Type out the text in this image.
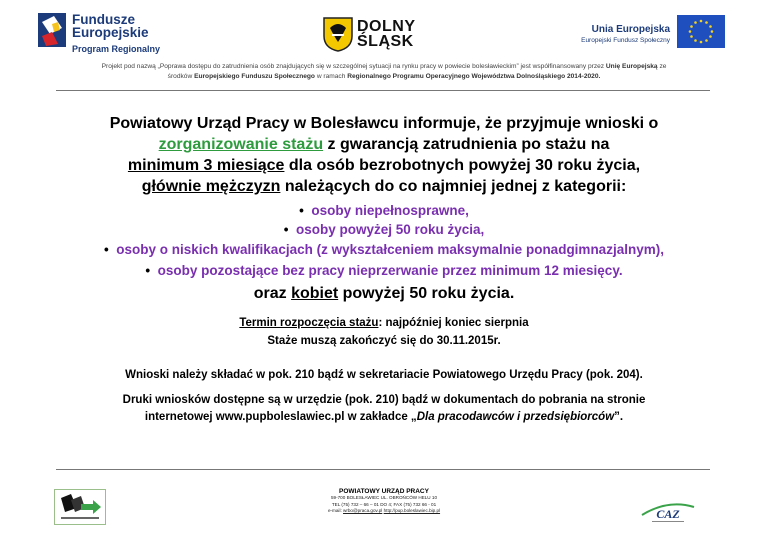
Fundusze
Europejskie
Program Regionalny
DOLNY
ŚLĄSK
Unia Europejska
Europejski Fundusz Społeczny
Projekt pod nazwą „Poprawa dostępu do zatrudnienia osób znajdujących się w szczególnej sytuacji na rynku pracy w powiecie bolesławieckim” jest współfinansowany przez Unię Europejską ze
środków Europejskiego Funduszu Społecznego w ramach Regionalnego Programu Operacyjnego Województwa Dolnośląskiego 2014-2020.
Powiatowy Urząd Pracy w Bolesławcu informuje, że przyjmuje wnioski o
zorganizowanie stażu z gwarancją zatrudnienia po stażu na
minimum 3 miesiące dla osób bezrobotnych powyżej 30 roku życia,
głównie mężczyzn należących do co najmniej jednej z kategorii:
• osoby niepełnosprawne,
• osoby powyżej 50 roku życia,
• osoby o niskich kwalifikacjach (z wykształceniem maksymalnie ponadgimnazjalnym),
• osoby pozostające bez pracy nieprzerwanie przez minimum 12 miesięcy.
oraz kobiet powyżej 50 roku życia.
Termin rozpoczęcia stażu: najpóźniej koniec sierpnia
Staże muszą zakończyć się do 30.11.2015r.
Wnioski należy składać w pok. 210 bądź w sekretariacie Powiatowego Urzędu Pracy (pok. 204).
Druki wniosków dostępne są w urzędzie (pok. 210) bądź w dokumentach do pobrania na stronie
internetowej www.pupboleslawiec.pl w zakładce „Dla pracodawców i przedsiębiorców”.
POWIATOWY URZĄD PRACY
59-700 BOLESŁAWIEC UL. OBROŃCÓW HELU 10
TEL (75) 732 – 66 – 01 DO 4; FAX (75) 732 66 - 01
e-mail: wrbo@praca.gov.pl http://pup.boleslawiec.bip.pl	CAZ
